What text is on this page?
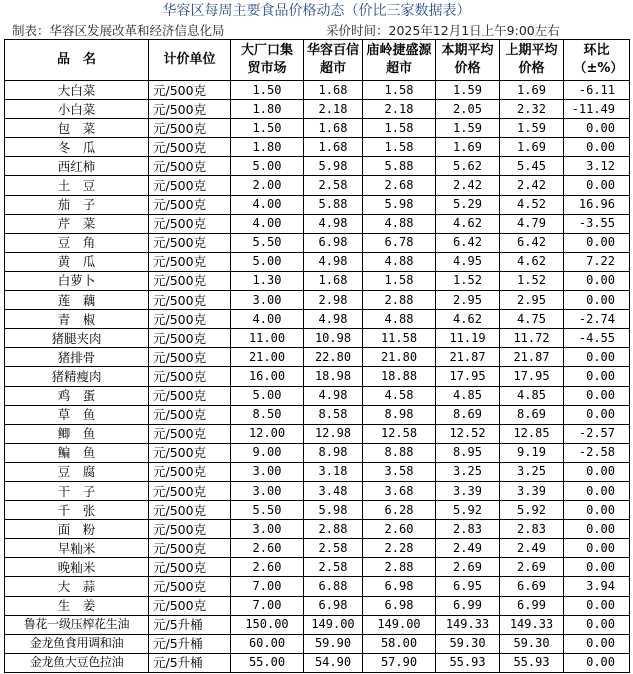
华容区每周主要食品价格动态（价比三家数据表）
制表：华容区发展改革和经济信息化局	采价时间：2025年12月1日上午9:00左右
品　名	计价单位	大厂口集贸市场	华容百信超市	庙岭捷盛源超市	本期平均价格	上期平均价格	环比（±%）

大白菜	元/500克	1.50	1.68	1.58	1.59	1.69	-6.11
小白菜	元/500克	1.80	2.18	2.18	2.05	2.32	-11.49
包　菜	元/500克	1.50	1.68	1.58	1.59	1.59	0.00
冬　瓜	元/500克	1.80	1.68	1.58	1.69	1.69	0.00
西红柿	元/500克	5.00	5.98	5.88	5.62	5.45	3.12
土　豆	元/500克	2.00	2.58	2.68	2.42	2.42	0.00
茄　子	元/500克	4.00	5.88	5.98	5.29	4.52	16.96
芹　菜	元/500克	4.00	4.98	4.88	4.62	4.79	-3.55
豆　角	元/500克	5.50	6.98	6.78	6.42	6.42	0.00
黄　瓜	元/500克	5.00	4.98	4.88	4.95	4.62	7.22
白萝卜	元/500克	1.30	1.68	1.58	1.52	1.52	0.00
莲　藕	元/500克	3.00	2.98	2.88	2.95	2.95	0.00
青　椒	元/500克	4.00	4.98	4.88	4.62	4.75	-2.74
猪腿夹肉	元/500克	11.00	10.98	11.58	11.19	11.72	-4.55
猪排骨	元/500克	21.00	22.80	21.80	21.87	21.87	0.00
猪精瘦肉	元/500克	16.00	18.98	18.88	17.95	17.95	0.00
鸡　蛋	元/500克	5.00	4.98	4.58	4.85	4.85	0.00
草　鱼	元/500克	8.50	8.58	8.98	8.69	8.69	0.00
鲫　鱼	元/500克	12.00	12.98	12.58	12.52	12.85	-2.57
鳊　鱼	元/500克	9.00	8.98	8.88	8.95	9.19	-2.58
豆　腐	元/500克	3.00	3.18	3.58	3.25	3.25	0.00
干　子	元/500克	3.00	3.48	3.68	3.39	3.39	0.00
千　张	元/500克	5.50	5.98	6.28	5.92	5.92	0.00
面　粉	元/500克	3.00	2.88	2.60	2.83	2.83	0.00
早籼米	元/500克	2.60	2.58	2.28	2.49	2.49	0.00
晚籼米	元/500克	2.60	2.58	2.88	2.69	2.69	0.00
大　蒜	元/500克	7.00	6.88	6.98	6.95	6.69	3.94
生　姜	元/500克	7.00	6.98	6.98	6.99	6.99	0.00
鲁花一级压榨花生油	元/5升桶	150.00	149.00	149.00	149.33	149.33	0.00
金龙鱼食用调和油	元/5升桶	60.00	59.90	58.00	59.30	59.30	0.00
金龙鱼大豆色拉油	元/5升桶	55.00	54.90	57.90	55.93	55.93	0.00
